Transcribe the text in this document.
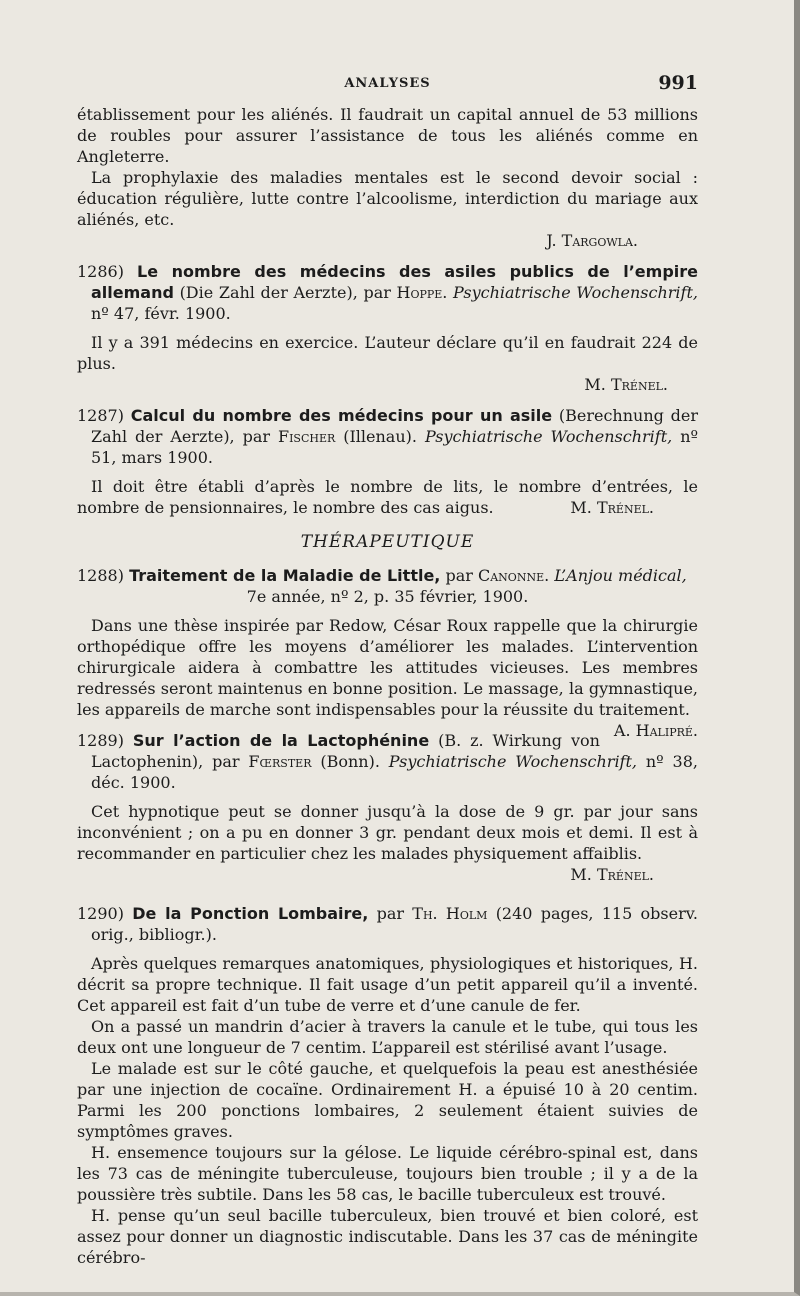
ANALYSES	991

établissement pour les aliénés. Il faudrait un capital annuel de 53 millions de roubles pour assurer l’assistance de tous les aliénés comme en Angleterre.

La prophylaxie des maladies mentales est le second devoir social : éducation régulière, lutte contre l’alcoolisme, interdiction du mariage aux aliénés, etc.

J. Targowla.

1286) Le nombre des médecins des asiles publics de l’empire allemand (Die Zahl der Aerzte), par Hoppe. Psychiatrische Wochenschrift, nº 47, févr. 1900.

Il y a 391 médecins en exercice. L’auteur déclare qu’il en faudrait 224 de plus.

M. Trénel.

1287) Calcul du nombre des médecins pour un asile (Berechnung der Zahl der Aerzte), par Fischer (Illenau). Psychiatrische Wochenschrift, nº 51, mars 1900.

Il doit être établi d’après le nombre de lits, le nombre d’entrées, le nombre de pensionnaires, le nombre des cas aigus.	M. Trénel.

THÉRAPEUTIQUE

1288) Traitement de la Maladie de Little, par Canonne. L’Anjou médical,

7e année, nº 2, p. 35 février, 1900.

Dans une thèse inspirée par Redow, César Roux rappelle que la chirurgie orthopédique offre les moyens d’améliorer les malades. L’intervention chirurgicale aidera à combattre les attitudes vicieuses. Les membres redressés seront maintenus en bonne position. Le massage, la gymnastique, les appareils de marche sont indispensables pour la réussite du traitement.
A. Halipré.

1289) Sur l’action de la Lactophénine (B. z. Wirkung von Lactophenin), par Fœrster (Bonn). Psychiatrische Wochenschrift, nº 38, déc. 1900.

Cet hypnotique peut se donner jusqu’à la dose de 9 gr. par jour sans inconvénient ; on a pu en donner 3 gr. pendant deux mois et demi. Il est à recommander en particulier chez les malades physiquement affaiblis.

M. Trénel.

1290) De la Ponction Lombaire, par Th. Holm (240 pages, 115 observ. orig., bibliogr.).

Après quelques remarques anatomiques, physiologiques et historiques, H. décrit sa propre technique. Il fait usage d’un petit appareil qu’il a inventé. Cet appareil est fait d’un tube de verre et d’une canule de fer.

On a passé un mandrin d’acier à travers la canule et le tube, qui tous les deux ont une longueur de 7 centim. L’appareil est stérilisé avant l’usage.

Le malade est sur le côté gauche, et quelquefois la peau est anesthésiée par une injection de cocaïne. Ordinairement H. a épuisé 10 à 20 centim. Parmi les 200 ponctions lombaires, 2 seulement étaient suivies de symptômes graves.

H. ensemence toujours sur la gélose. Le liquide cérébro-spinal est, dans les 73 cas de méningite tuberculeuse, toujours bien trouble ; il y a de la poussière très subtile. Dans les 58 cas, le bacille tuberculeux est trouvé.

H. pense qu’un seul bacille tuberculeux, bien trouvé et bien coloré, est assez pour donner un diagnostic indiscutable. Dans les 37 cas de méningite cérébro-
